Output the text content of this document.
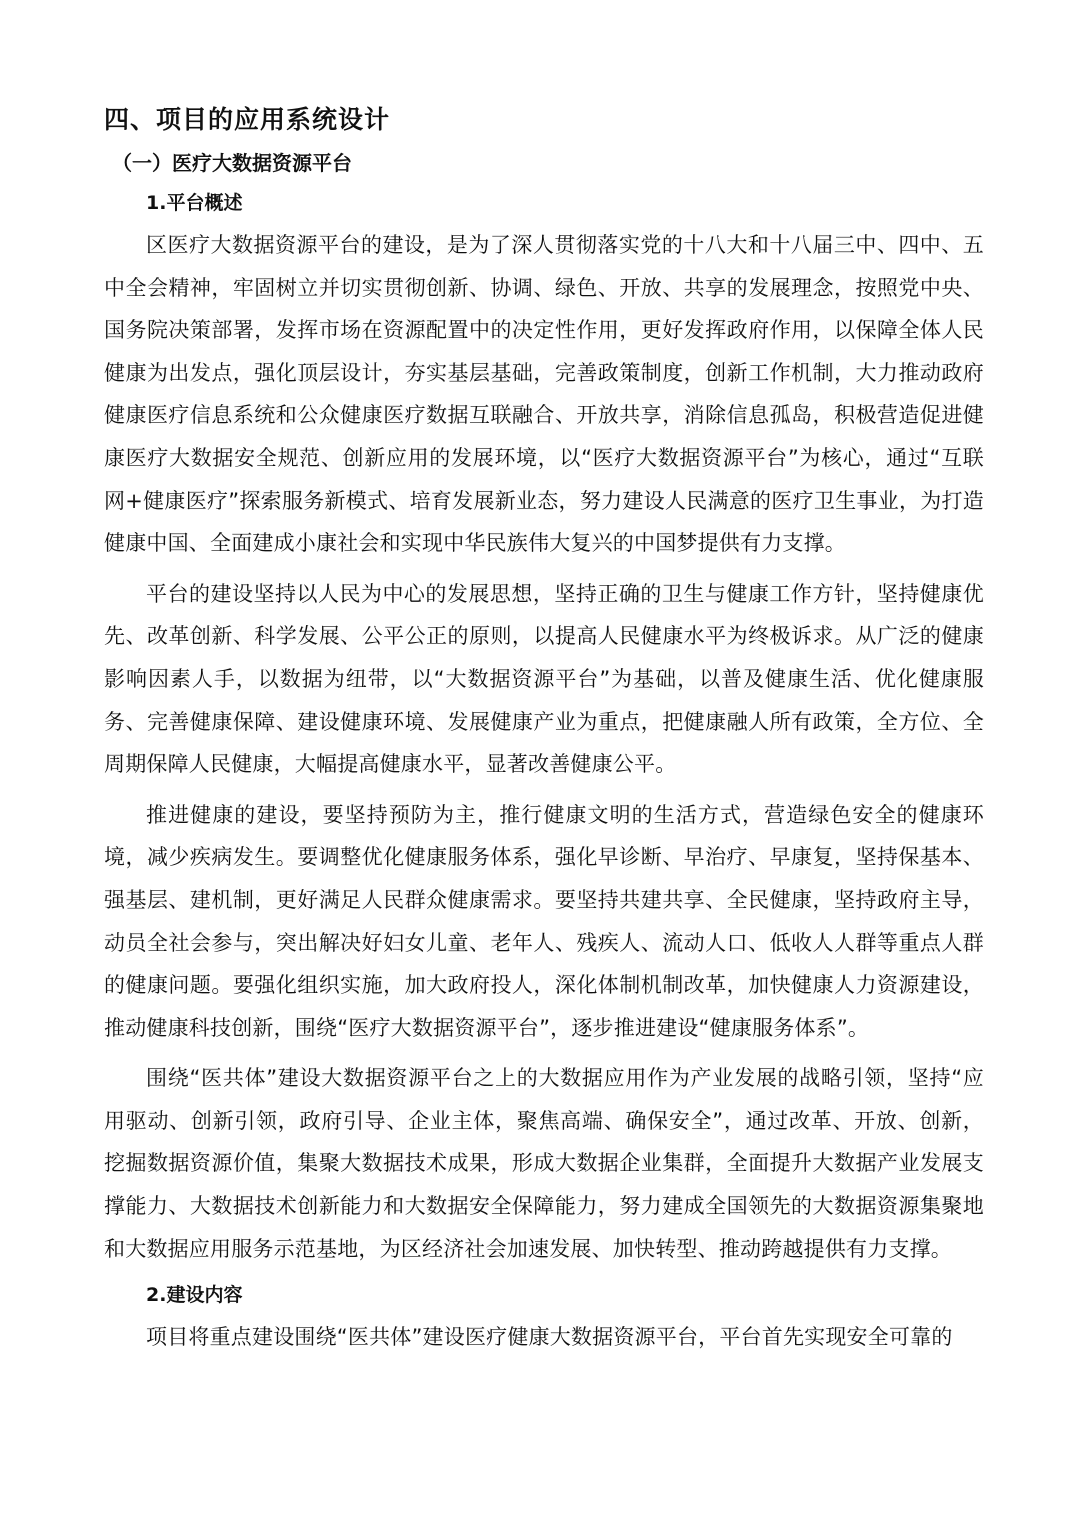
四、项目的应用系统设计
（一）医疗大数据资源平台
1.平台概述

区医疗大数据资源平台的建设，是为了深人贯彻落实党的十八大和十八届三中、四中、五中全会精神，牢固树立并切实贯彻创新、协调、绿色、开放、共享的发展理念，按照党中央、国务院决策部署，发挥市场在资源配置中的决定性作用，更好发挥政府作用，以保障全体人民健康为出发点，强化顶层设计，夯实基层基础，完善政策制度，创新工作机制，大力推动政府健康医疗信息系统和公众健康医疗数据互联融合、开放共享，消除信息孤岛，积极营造促进健康医疗大数据安全规范、创新应用的发展环境，以“医疗大数据资源平台”为核心，通过“互联网+健康医疗”探索服务新模式、培育发展新业态，努力建设人民满意的医疗卫生事业，为打造健康中国、全面建成小康社会和实现中华民族伟大复兴的中国梦提供有力支撑。

平台的建设坚持以人民为中心的发展思想，坚持正确的卫生与健康工作方针，坚持健康优先、改革创新、科学发展、公平公正的原则，以提高人民健康水平为终极诉求。从广泛的健康影响因素人手，以数据为纽带，以“大数据资源平台”为基础，以普及健康生活、优化健康服务、完善健康保障、建设健康环境、发展健康产业为重点，把健康融人所有政策，全方位、全周期保障人民健康，大幅提高健康水平，显著改善健康公平。

推进健康的建设，要坚持预防为主，推行健康文明的生活方式，营造绿色安全的健康环境，减少疾病发生。要调整优化健康服务体系，强化早诊断、早治疗、早康复，坚持保基本、强基层、建机制，更好满足人民群众健康需求。要坚持共建共享、全民健康，坚持政府主导，动员全社会参与，突出解决好妇女儿童、老年人、残疾人、流动人口、低收人人群等重点人群的健康问题。要强化组织实施，加大政府投人，深化体制机制改革，加快健康人力资源建设，推动健康科技创新，围绕“医疗大数据资源平台”，逐步推进建设“健康服务体系”。

围绕“医共体”建设大数据资源平台之上的大数据应用作为产业发展的战略引领，坚持“应用驱动、创新引领，政府引导、企业主体，聚焦高端、确保安全”，通过改革、开放、创新，挖掘数据资源价值，集聚大数据技术成果，形成大数据企业集群，全面提升大数据产业发展支撑能力、大数据技术创新能力和大数据安全保障能力，努力建成全国领先的大数据资源集聚地和大数据应用服务示范基地，为区经济社会加速发展、加快转型、推动跨越提供有力支撑。

2.建设内容

项目将重点建设围绕“医共体”建设医疗健康大数据资源平台，平台首先实现安全可靠的
